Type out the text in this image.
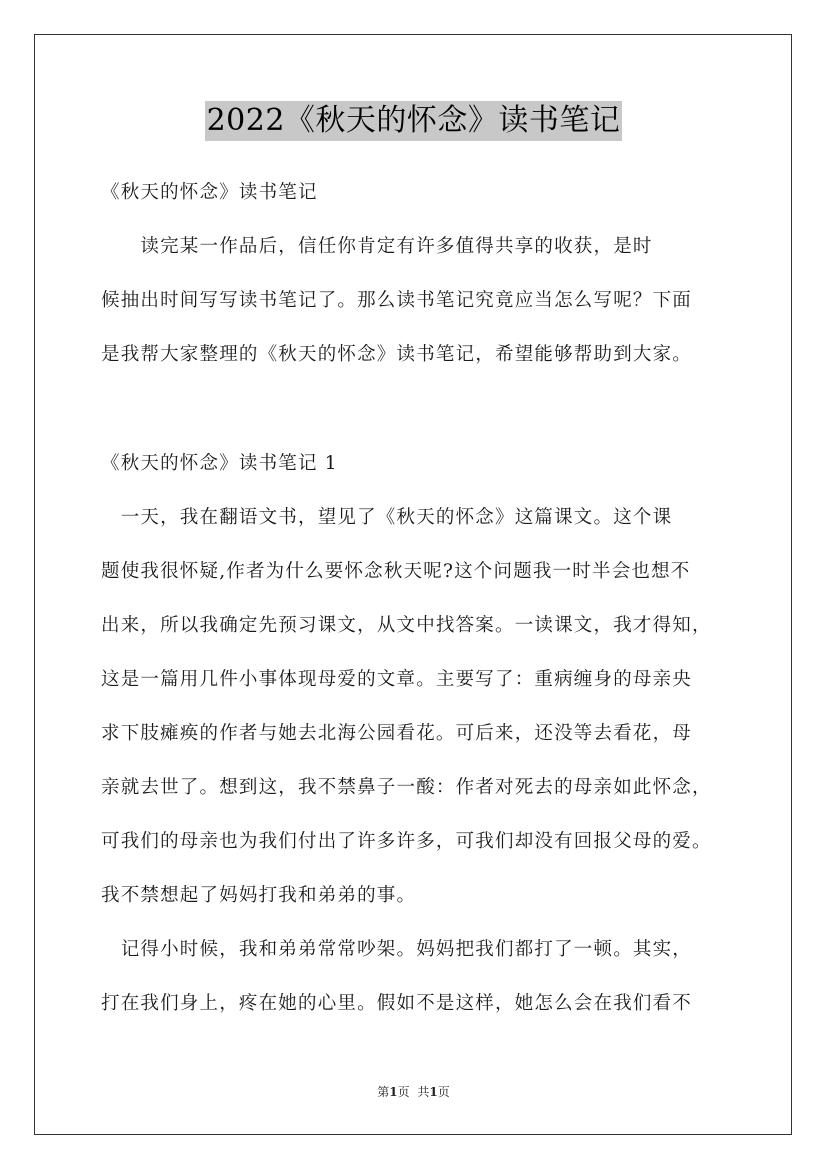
2022《秋天的怀念》读书笔记
《秋天的怀念》读书笔记
　　读完某一作品后，信任你肯定有许多值得共享的收获，是时
候抽出时间写写读书笔记了。那么读书笔记究竟应当怎么写呢？下面
是我帮大家整理的《秋天的怀念》读书笔记，希望能够帮助到大家。
《秋天的怀念》读书笔记 1
　一天，我在翻语文书，望见了《秋天的怀念》这篇课文。这个课
题使我很怀疑,作者为什么要怀念秋天呢?这个问题我一时半会也想不
出来，所以我确定先预习课文，从文中找答案。一读课文，我才得知，
这是一篇用几件小事体现母爱的文章。主要写了：重病缠身的母亲央
求下肢瘫痪的作者与她去北海公园看花。可后来，还没等去看花，母
亲就去世了。想到这，我不禁鼻子一酸：作者对死去的母亲如此怀念，
可我们的母亲也为我们付出了许多许多，可我们却没有回报父母的爱。
我不禁想起了妈妈打我和弟弟的事。
　记得小时候，我和弟弟常常吵架。妈妈把我们都打了一顿。其实，
打在我们身上，疼在她的心里。假如不是这样，她怎么会在我们看不
第1页 共1页
